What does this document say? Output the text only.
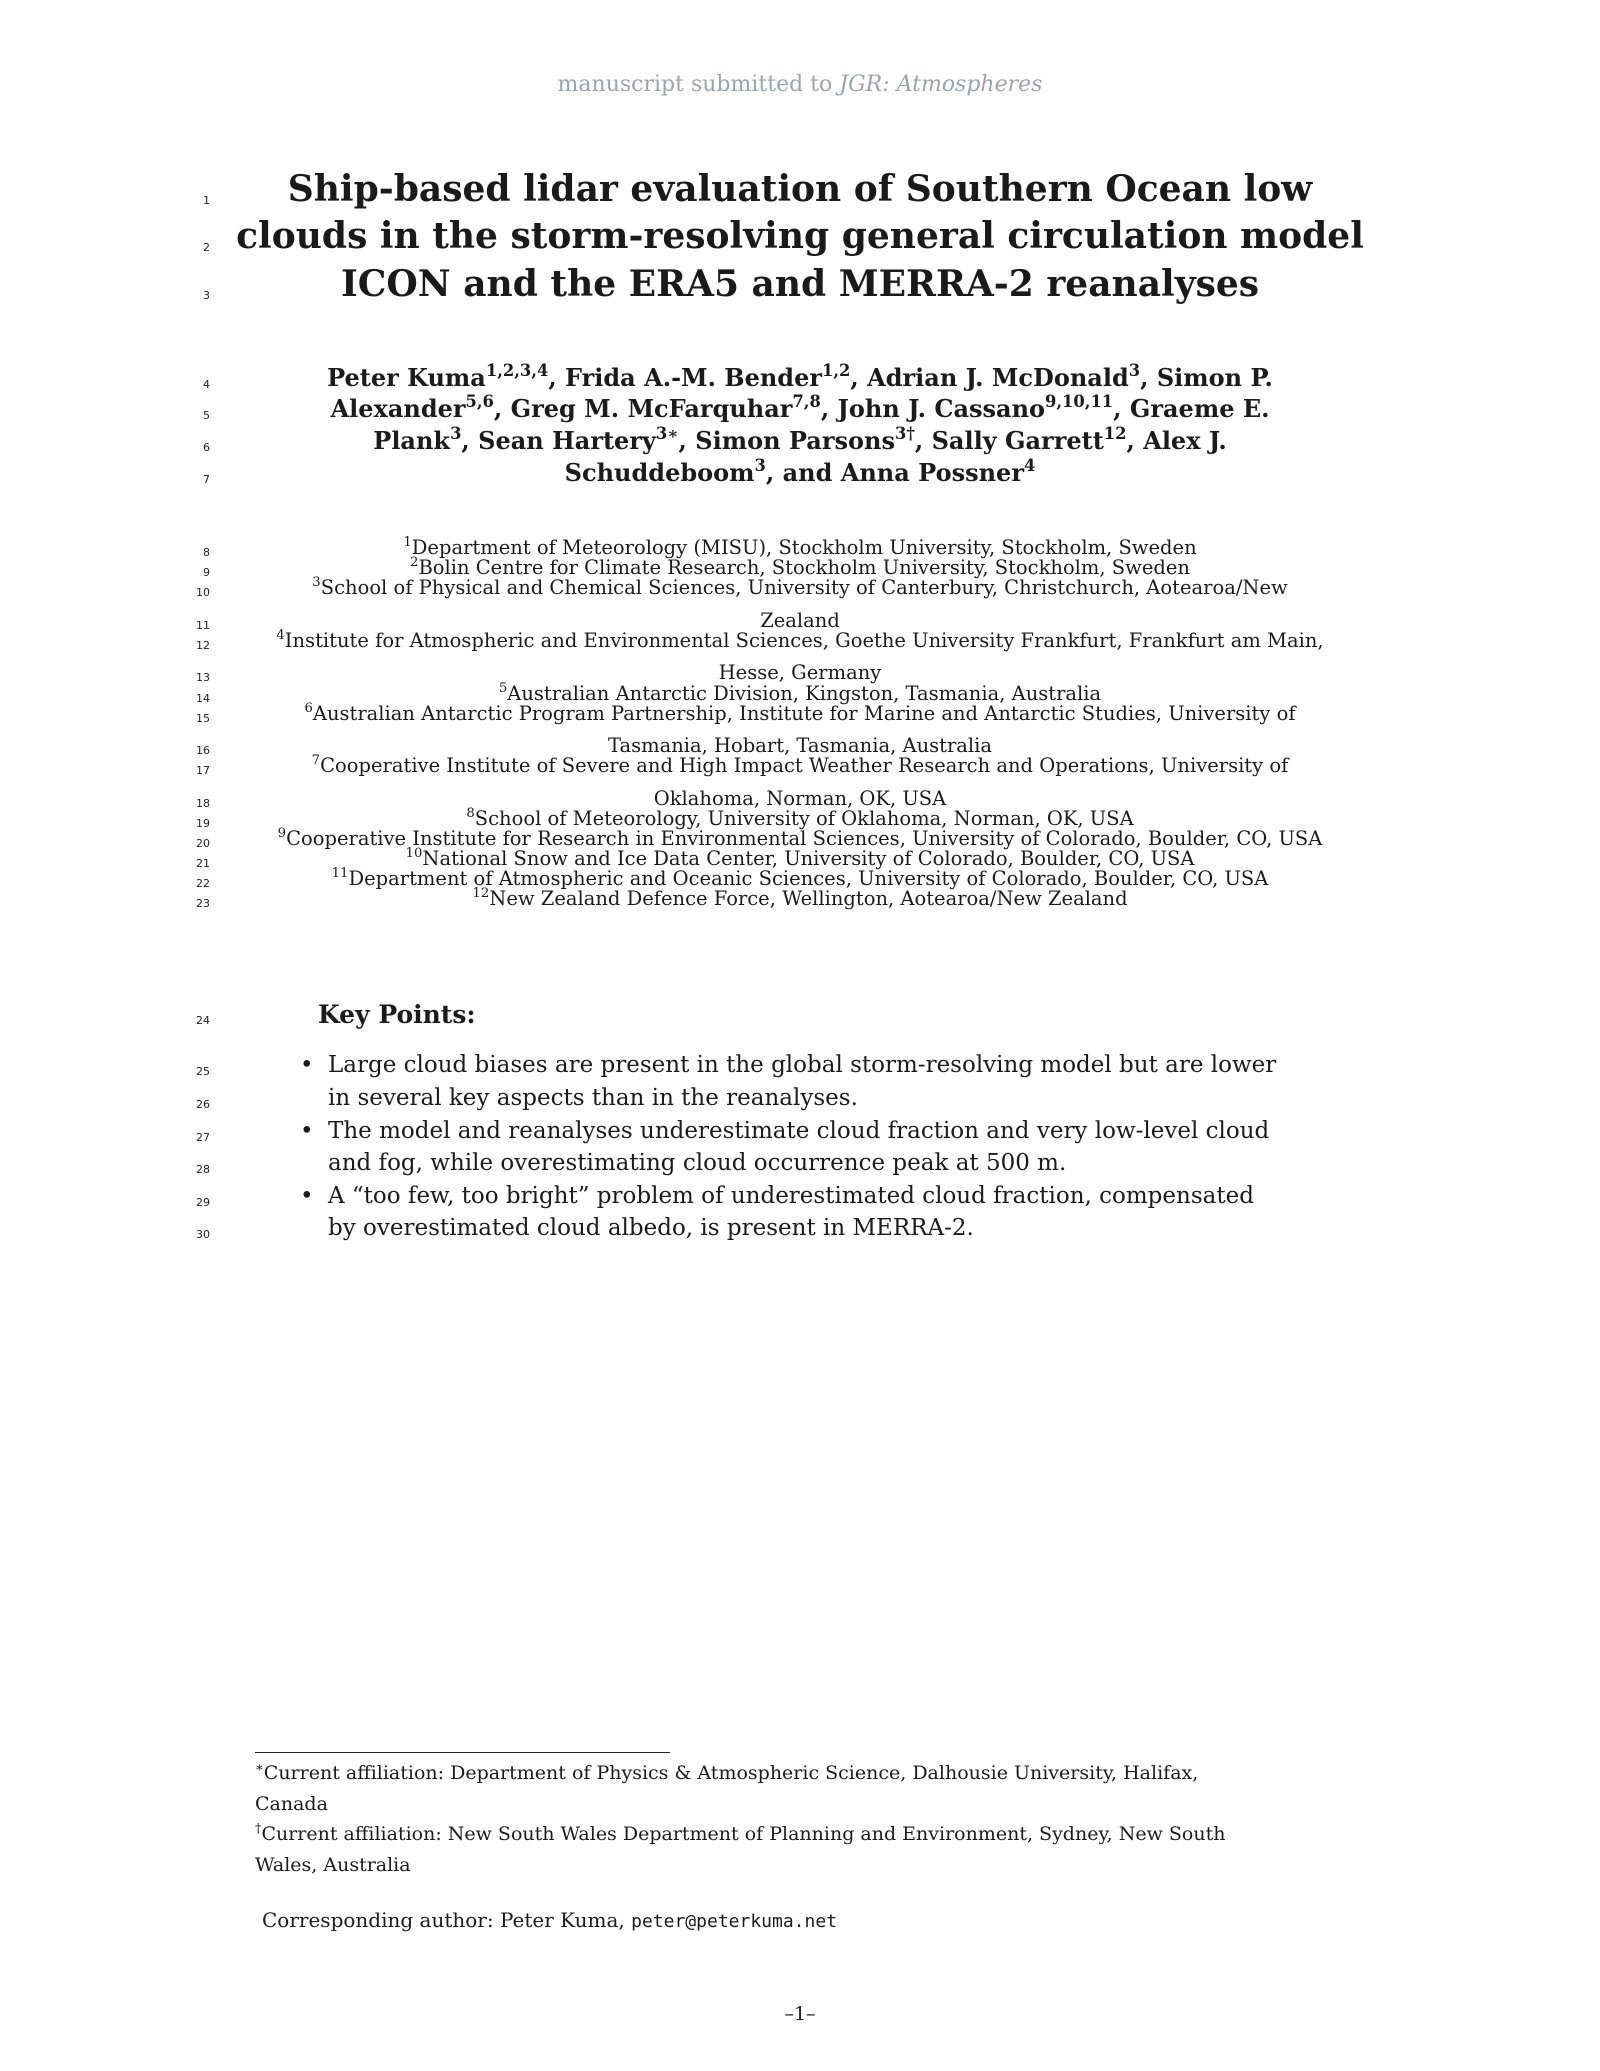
manuscript submitted to JGR: Atmospheres
1
2
3
4
5
6
7
8
9
10
11
12
13
14
15
16
17
18
19
20
21
22
23
24
25
26
27
28
29
30
Ship-based lidar evaluation of Southern Ocean low
clouds in the storm-resolving general circulation model
ICON and the ERA5 and MERRA-2 reanalyses
Peter Kuma$^{1,2,3,4}$, Frida A.-M. Bender$^{1,2}$, Adrian J. McDonald$^3$, Simon P.
Alexander$^{5,6}$, Greg M. McFarquhar$^{7,8}$, John J. Cassano$^{9,10,11}$, Graeme E.
Plank$^3$, Sean Hartery$^{3∗}$, Simon Parsons$^{3\dagger}$, Sally Garrett$^{12}$, Alex J.
Schuddeboom$^3$, and Anna Possner$^4$
$^1$Department of Meteorology (MISU), Stockholm University, Stockholm, Sweden
$^2$Bolin Centre for Climate Research, Stockholm University, Stockholm, Sweden
$^3$School of Physical and Chemical Sciences, University of Canterbury, Christchurch, Aotearoa/New
Zealand
$^4$Institute for Atmospheric and Environmental Sciences, Goethe University Frankfurt, Frankfurt am Main,
Hesse, Germany
$^5$Australian Antarctic Division, Kingston, Tasmania, Australia
$^6$Australian Antarctic Program Partnership, Institute for Marine and Antarctic Studies, University of
Tasmania, Hobart, Tasmania, Australia
$^7$Cooperative Institute of Severe and High Impact Weather Research and Operations, University of
Oklahoma, Norman, OK, USA
$^8$School of Meteorology, University of Oklahoma, Norman, OK, USA
$^9$Cooperative Institute for Research in Environmental Sciences, University of Colorado, Boulder, CO, USA
$^{10}$National Snow and Ice Data Center, University of Colorado, Boulder, CO, USA
$^{11}$Department of Atmospheric and Oceanic Sciences, University of Colorado, Boulder, CO, USA
$^{12}$New Zealand Defence Force, Wellington, Aotearoa/New Zealand
Key Points:
• Large cloud biases are present in the global storm-resolving model but are lower
in several key aspects than in the reanalyses.
• The model and reanalyses underestimate cloud fraction and very low-level cloud
and fog, while overestimating cloud occurrence peak at 500 m.
• A “too few, too bright” problem of underestimated cloud fraction, compensated
by overestimated cloud albedo, is present in MERRA-2.
∗Current affiliation: Department of Physics & Atmospheric Science, Dalhousie University, Halifax,
Canada
†Current affiliation: New South Wales Department of Planning and Environment, Sydney, New South
Wales, Australia
Corresponding author: Peter Kuma, peter@peterkuma.net
–1–
